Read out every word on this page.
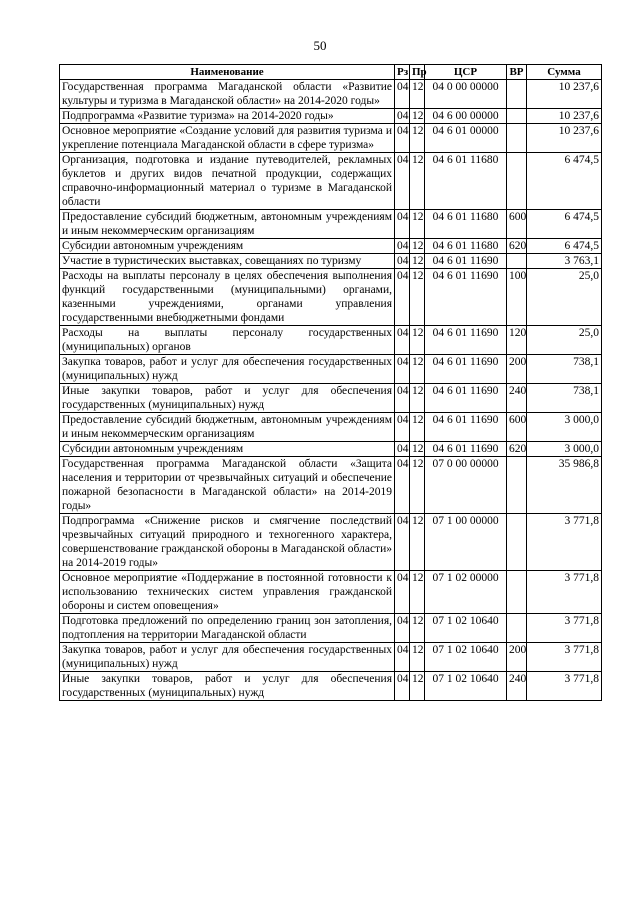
50
Наименование	Рз	Пр	ЦСР	ВР	Сумма
Государственная программа Магаданской области «Развитие культуры и туризма в Магаданской области» на 2014-2020 годы»	04	12	04 0 00 00000		10 237,6
Подпрограмма «Развитие туризма» на 2014-2020 годы»	04	12	04 6 00 00000		10 237,6
Основное мероприятие «Создание условий для развития туризма и укрепление потенциала Магаданской области в сфере туризма»	04	12	04 6 01 00000		10 237,6
Организация, подготовка и издание путеводителей, рекламных буклетов и других видов печатной продукции, содержащих справочно-информационный материал о туризме в Магаданской области	04	12	04 6 01 11680		6 474,5
Предоставление субсидий бюджетным, автономным учреждениям и иным некоммерческим организациям	04	12	04 6 01 11680	600	6 474,5
Субсидии автономным учреждениям	04	12	04 6 01 11680	620	6 474,5
Участие в туристических выставках, совещаниях по туризму	04	12	04 6 01 11690		3 763,1
Расходы на выплаты персоналу в целях обеспечения выполнения функций государственными (муниципальными) органами, казенными учреждениями, органами управления государственными внебюджетными фондами	04	12	04 6 01 11690	100	25,0
Расходы на выплаты персоналу государственных (муниципальных) органов	04	12	04 6 01 11690	120	25,0
Закупка товаров, работ и услуг для обеспечения государственных (муниципальных) нужд	04	12	04 6 01 11690	200	738,1
Иные закупки товаров, работ и услуг для обеспечения государственных (муниципальных) нужд	04	12	04 6 01 11690	240	738,1
Предоставление субсидий бюджетным, автономным учреждениям и иным некоммерческим организациям	04	12	04 6 01 11690	600	3 000,0
Субсидии автономным учреждениям	04	12	04 6 01 11690	620	3 000,0
Государственная программа Магаданской области «Защита населения и территории от чрезвычайных ситуаций и обеспечение пожарной безопасности в Магаданской области» на 2014-2019 годы»	04	12	07 0 00 00000		35 986,8
Подпрограмма «Снижение рисков и смягчение последствий чрезвычайных ситуаций природного и техногенного характера, совершенствование гражданской обороны в Магаданской области» на 2014-2019 годы»	04	12	07 1 00 00000		3 771,8
Основное мероприятие «Поддержание в постоянной готовности к использованию технических систем управления гражданской обороны и систем оповещения»	04	12	07 1 02 00000		3 771,8
Подготовка предложений по определению границ зон затопления, подтопления на территории Магаданской области	04	12	07 1 02 10640		3 771,8
Закупка товаров, работ и услуг для обеспечения государственных (муниципальных) нужд	04	12	07 1 02 10640	200	3 771,8
Иные закупки товаров, работ и услуг для обеспечения государственных (муниципальных) нужд	04	12	07 1 02 10640	240	3 771,8
